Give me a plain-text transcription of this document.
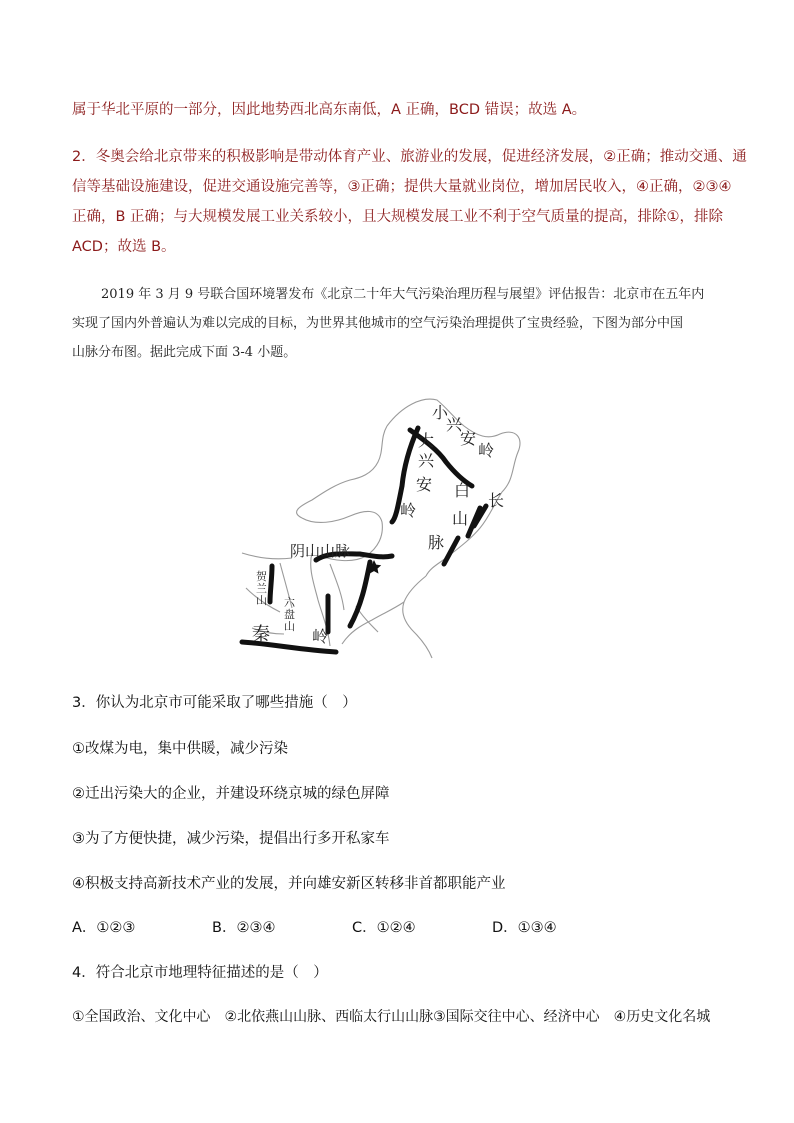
属于华北平原的一部分，因此地势西北高东南低，A 正确，BCD 错误；故选 A。
2．冬奥会给北京带来的积极影响是带动体育产业、旅游业的发展，促进经济发展，②正确；推动交通、通
信等基础设施建设，促进交通设施完善等，③正确；提供大量就业岗位，增加居民收入，④正确，②③④
正确，B 正确；与大规模发展工业关系较小，且大规模发展工业不利于空气质量的提高，排除①，排除
ACD；故选 B。
2019 年 3 月 9 号联合国环境署发布《北京二十年大气污染治理历程与展望》评估报告：北京市在五年内
实现了国内外普遍认为难以完成的目标，为世界其他城市的空气污染治理提供了宝贵经验，下图为部分中国
山脉分布图。据此完成下面 3-4 小题。
小
兴
安
岭
大
兴
安
岭
长
白
山
脉
阴山山脉
贺
兰
山 六
盘
山
秦	岭
3．你认为北京市可能采取了哪些措施（　）
①改煤为电，集中供暖，减少污染
②迁出污染大的企业，并建设环绕京城的绿色屏障
③为了方便快捷，减少污染，提倡出行多开私家车
④积极支持高新技术产业的发展，并向雄安新区转移非首都职能产业
A．①②③	B．②③④	C．①②④	D．①③④
4．符合北京市地理特征描述的是（　）
①全国政治、文化中心　②北依燕山山脉、西临太行山山脉③国际交往中心、经济中心　④历史文化名城
